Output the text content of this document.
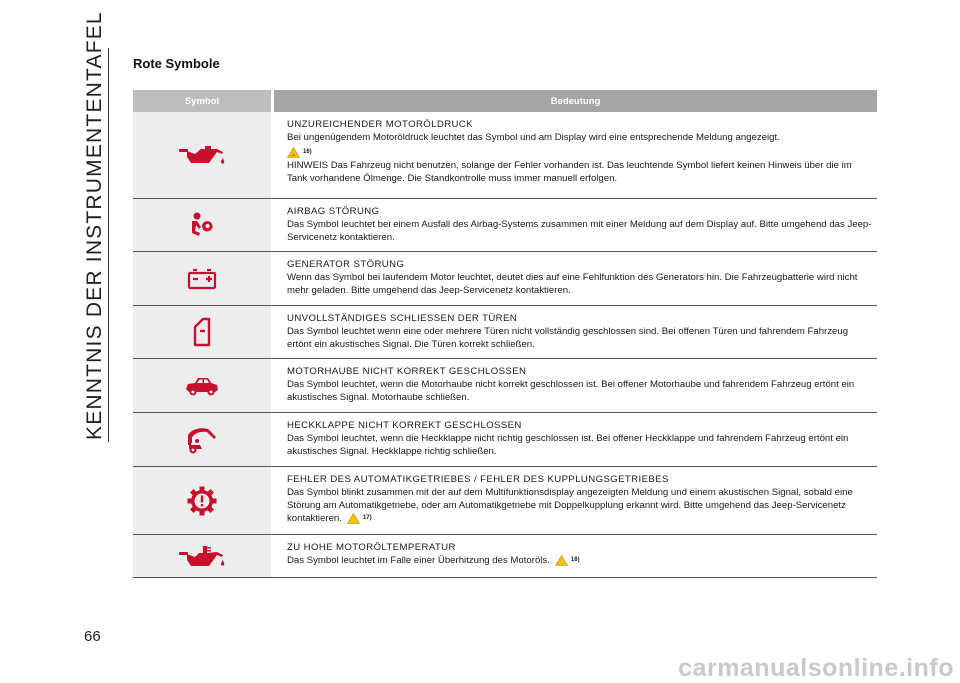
KENNTNIS DER INSTRUMENTENTAFEL
66
carmanualsonline.info
Rote Symbole
Symbol	Bedeutung
UNZUREICHENDER MOTORÖLDRUCK
Bei ungenügendem Motoröldruck leuchtet das Symbol und am Display wird eine entsprechende Meldung angezeigt.
⚠ 16)
HINWEIS Das Fahrzeug nicht benutzen, solange der Fehler vorhanden ist. Das leuchtende Symbol liefert keinen Hinweis über die im Tank vorhandene Ölmenge. Die Standkontrolle muss immer manuell erfolgen.
AIRBAG STÖRUNG
Das Symbol leuchtet bei einem Ausfall des Airbag-Systems zusammen mit einer Meldung auf dem Display auf. Bitte umgehend das Jeep-Servicenetz kontaktieren.
GENERATOR STÖRUNG
Wenn das Symbol bei laufendem Motor leuchtet, deutet dies auf eine Fehlfunktion des Generators hin. Die Fahrzeugbatterie wird nicht mehr geladen. Bitte umgehend das Jeep-Servicenetz kontaktieren.
UNVOLLSTÄNDIGES SCHLIESSEN DER TÜREN
Das Symbol leuchtet wenn eine oder mehrere Türen nicht vollständig geschlossen sind. Bei offenen Türen und fahrendem Fahrzeug ertönt ein akustisches Signal. Die Türen korrekt schließen.
MOTORHAUBE NICHT KORREKT GESCHLOSSEN
Das Symbol leuchtet, wenn die Motorhaube nicht korrekt geschlossen ist. Bei offener Motorhaube und fahrendem Fahrzeug ertönt ein akustisches Signal. Motorhaube schließen.
HECKKLAPPE NICHT KORREKT GESCHLOSSEN
Das Symbol leuchtet, wenn die Heckklappe nicht richtig geschlossen ist. Bei offener Heckklappe und fahrendem Fahrzeug ertönt ein akustisches Signal. Heckklappe richtig schließen.
FEHLER DES AUTOMATIKGETRIEBES / FEHLER DES KUPPLUNGSGETRIEBES
Das Symbol blinkt zusammen mit der auf dem Multifunktionsdisplay angezeigten Meldung und einem akustischen Signal, sobald eine Störung am Automatikgetriebe, oder am Automatikgetriebe mit Doppelkupplung erkannt wird. Bitte umgehend das Jeep-Servicenetz kontaktieren.	17)
ZU HOHE MOTORÖLTEMPERATUR
Das Symbol leuchtet im Falle einer Überhitzung des Motoröls.	18)
